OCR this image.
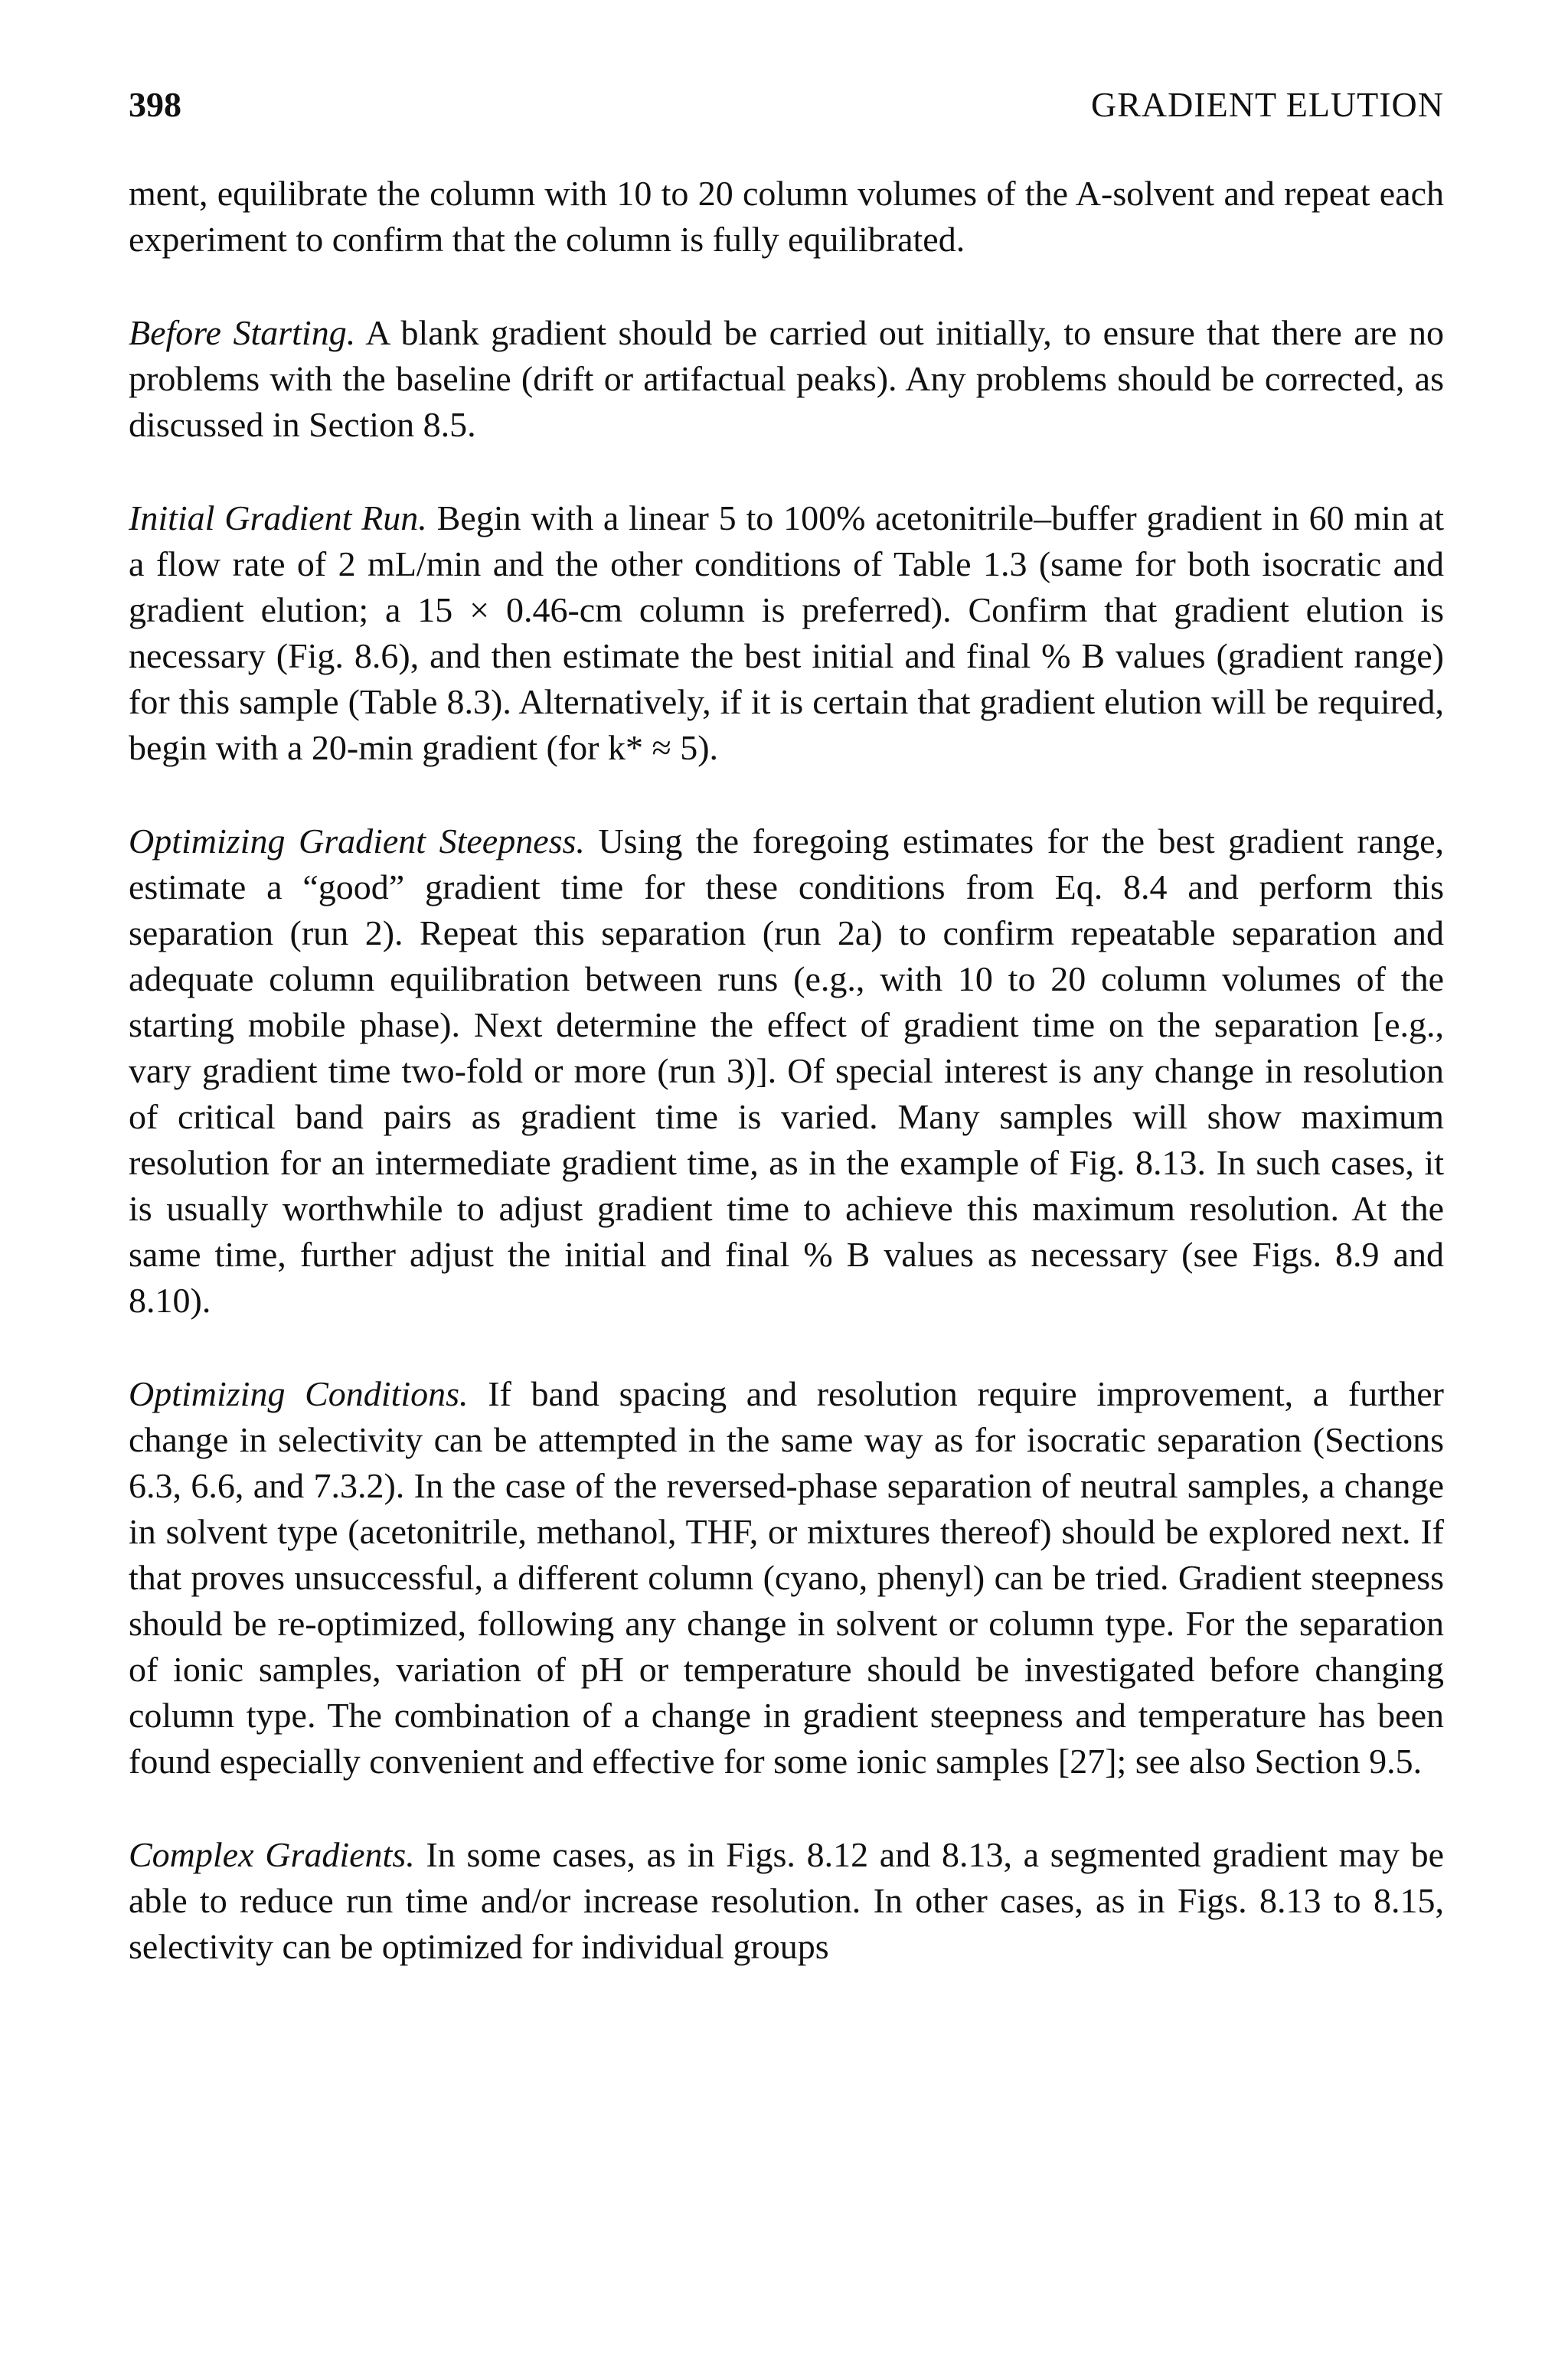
398	GRADIENT ELUTION

ment, equilibrate the column with 10 to 20 column volumes of the A-solvent and repeat each experiment to confirm that the column is fully equilibrated.

Before Starting. A blank gradient should be carried out initially, to ensure that there are no problems with the baseline (drift or artifactual peaks). Any problems should be corrected, as discussed in Section 8.5.

Initial Gradient Run. Begin with a linear 5 to 100% acetonitrile–buffer gradient in 60 min at a flow rate of 2 mL/min and the other conditions of Table 1.3 (same for both isocratic and gradient elution; a 15 × 0.46-cm column is preferred). Confirm that gradient elution is necessary (Fig. 8.6), and then estimate the best initial and final % B values (gradient range) for this sample (Table 8.3). Alternatively, if it is certain that gradient elution will be required, begin with a 20-min gradient (for k* ≈ 5).

Optimizing Gradient Steepness. Using the foregoing estimates for the best gradient range, estimate a “good” gradient time for these conditions from Eq. 8.4 and perform this separation (run 2). Repeat this separation (run 2a) to confirm repeatable separation and adequate column equilibration between runs (e.g., with 10 to 20 column volumes of the starting mobile phase). Next determine the effect of gradient time on the separation [e.g., vary gradient time two-fold or more (run 3)]. Of special interest is any change in resolution of critical band pairs as gradient time is varied. Many samples will show maximum resolution for an intermediate gradient time, as in the example of Fig. 8.13. In such cases, it is usually worthwhile to adjust gradient time to achieve this maximum resolution. At the same time, further adjust the initial and final % B values as necessary (see Figs. 8.9 and 8.10).

Optimizing Conditions. If band spacing and resolution require improvement, a further change in selectivity can be attempted in the same way as for isocratic separation (Sections 6.3, 6.6, and 7.3.2). In the case of the reversed-phase separation of neutral samples, a change in solvent type (acetonitrile, methanol, THF, or mixtures thereof) should be explored next. If that proves unsuccessful, a different column (cyano, phenyl) can be tried. Gradient steepness should be re-optimized, following any change in solvent or column type. For the separation of ionic samples, variation of pH or temperature should be investigated before changing column type. The combination of a change in gradient steepness and temperature has been found especially convenient and effective for some ionic samples [27]; see also Section 9.5.

Complex Gradients. In some cases, as in Figs. 8.12 and 8.13, a segmented gradient may be able to reduce run time and/or increase resolution. In other cases, as in Figs. 8.13 to 8.15, selectivity can be optimized for individual groups
